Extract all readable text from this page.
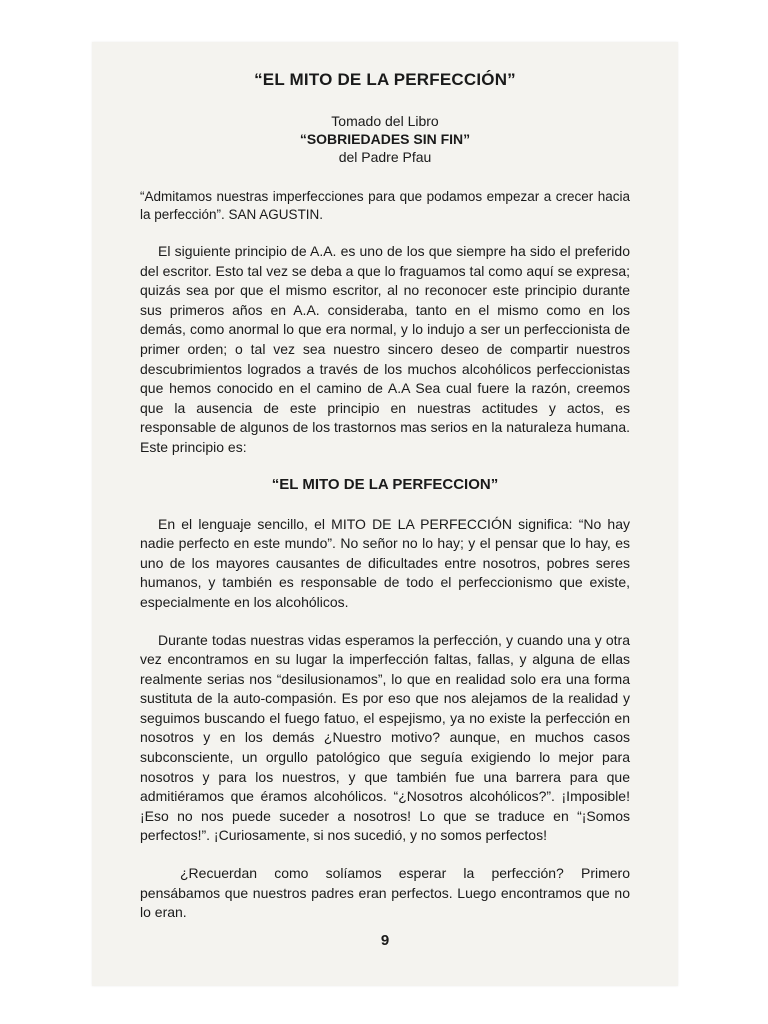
“EL MITO DE LA PERFECCIÓN”
Tomado del Libro
“SOBRIEDADES SIN FIN”
del Padre Pfau

“Admitamos nuestras imperfecciones para que podamos empezar a crecer hacia la perfección”. SAN AGUSTIN.

El siguiente principio de A.A. es uno de los que siempre ha sido el preferido del escritor. Esto tal vez se deba a que lo fraguamos tal como aquí se expresa; quizás sea por que el mismo escritor, al no reconocer este principio durante sus primeros años en A.A. consideraba, tanto en el mismo como en los demás, como anormal lo que era normal, y lo indujo a ser un perfeccionista de primer orden; o tal vez sea nuestro sincero deseo de compartir nuestros descubrimientos logrados a través de los muchos alcohólicos perfeccionistas que hemos conocido en el camino de A.A Sea cual fuere la razón, creemos que la ausencia de este principio en nuestras actitudes y actos, es responsable de algunos de los trastornos mas serios en la naturaleza humana. Este principio es:

“EL MITO DE LA PERFECCION”

En el lenguaje sencillo, el MITO DE LA PERFECCIÓN significa: “No hay nadie perfecto en este mundo”. No señor no lo hay; y el pensar que lo hay, es uno de los mayores causantes de dificultades entre nosotros, pobres seres humanos, y también es responsable de todo el perfeccionismo que existe, especialmente en los alcohólicos.

Durante todas nuestras vidas esperamos la perfección, y cuando una y otra vez encontramos en su lugar la imperfección faltas, fallas, y alguna de ellas realmente serias nos “desilusionamos”, lo que en realidad solo era una forma sustituta de la auto-compasión. Es por eso que nos alejamos de la realidad y seguimos buscando el fuego fatuo, el espejismo, ya no existe la perfección en nosotros y en los demás ¿Nuestro motivo? aunque, en muchos casos subconsciente, un orgullo patológico que seguía exigiendo lo mejor para nosotros y para los nuestros, y que también fue una barrera para que admitiéramos que éramos alcohólicos. “¿Nosotros alcohólicos?”. ¡Imposible! ¡Eso no nos puede suceder a nosotros! Lo que se traduce en “¡Somos perfectos!”. ¡Curiosamente, si nos sucedió, y no somos perfectos!

¿Recuerdan como solíamos esperar la perfección? Primero pensábamos que nuestros padres eran perfectos. Luego encontramos que no lo eran.

9
